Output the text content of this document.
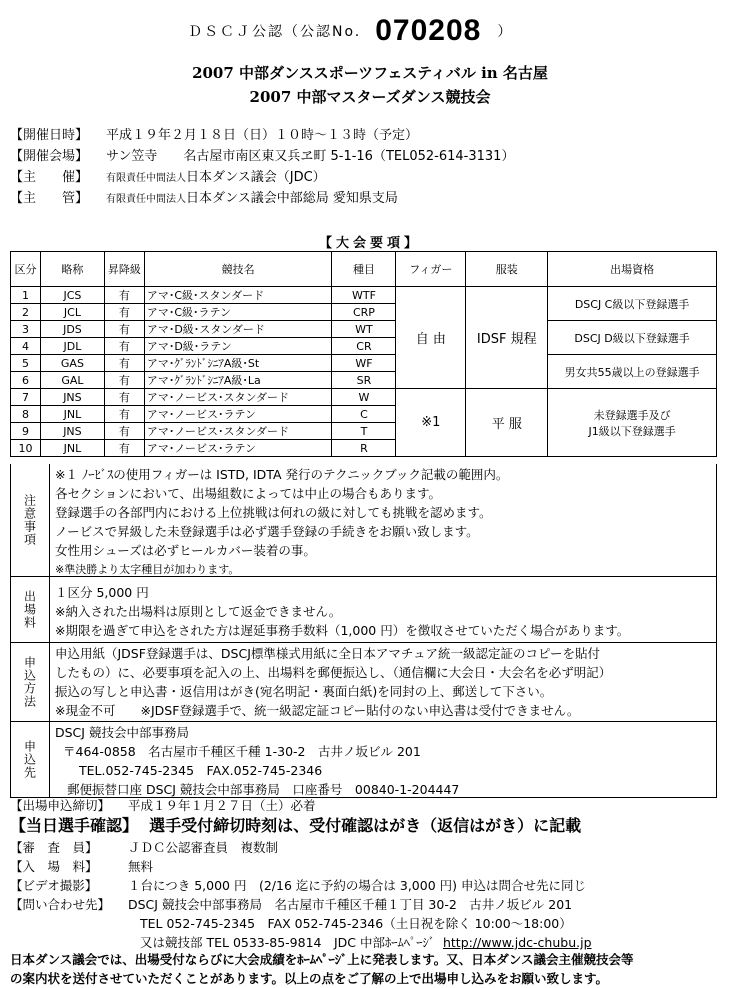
ＤＳＣＪ公認（公認No. 070208 ）
2007 中部ダンススポーツフェスティバル in 名古屋
2007 中部マスターズダンス競技会
【開催日時】 平成１９年２月１８日（日）１０時～１３時（予定）
【開催会場】 サン笠寺　　名古屋市南区東又兵ヱ町 5-1-16（TEL052-614-3131）
【主　　催】 有限責任中間法人日本ダンス議会（JDC）
【主　　管】 有限責任中間法人日本ダンス議会中部総局 愛知県支局
【大会要項】
区分	略称	昇降級	競技名	種目	フィガー	服装	出場資格
1	JCS	有	アマ･C級･スタンダード	WTF	自 由	IDSF 規程	DSCJ C級以下登録選手
2	JCL	有	アマ･C級･ラテン	CRP			
3	JDS	有	アマ･D級･スタンダード	WT			DSCJ D級以下登録選手
4	JDL	有	アマ･D級･ラテン	CR			
5	GAS	有	アマ･ｸﾞﾗﾝﾄﾞｼﾆｱA級･St	WF			男女共55歳以上の登録選手
6	GAL	有	アマ･ｸﾞﾗﾝﾄﾞｼﾆｱA級･La	SR			
7	JNS	有	アマ･ノービス･スタンダード	W	※1	平 服	未登録選手及び
J1級以下登録選手

8	JNL	有	アマ･ノービス･ラテン	C			
9	JNS	有	アマ･ノービス･スタンダード	T			
10	JNL	有	アマ･ノービス･ラテン	R			
注意事項
※１ ﾉｰﾋﾞｽの使用フィガーは ISTD, IDTA 発行のテクニックブック記載の範囲内。
各セクションにおいて、出場組数によっては中止の場合もあります。
登録選手の各部門内における上位挑戦は何れの級に対しても挑戦を認めます。
ノービスで昇級した未登録選手は必ず選手登録の手続きをお願い致します。
女性用シューズは必ずヒールカバー装着の事。
※準決勝より太字種目が加わります。
出場料	１区分 5,000 円
※納入された出場料は原則として返金できません。
※期限を過ぎて申込をされた方は遅延事務手数料（1,000 円）を徴収させていただく場合があります。
申込方法
申込用紙（JDSF登録選手は、DSCJ標準様式用紙に全日本アマチュア統一級認定証のコピーを貼付
したもの）に、必要事項を記入の上、出場料を郵便振込し、（通信欄に大会日・大会名を必ず明記）
振込の写しと申込書・返信用はがき(宛名明記・裏面白紙)を同封の上、郵送して下さい。
※現金不可　　※JDSF登録選手で、統一級認定証コピー貼付のない申込書は受付できません。
申込先
DSCJ 競技会中部事務局
〒464-0858　名古屋市千種区千種 1-30-2　古井ノ坂ビル 201
TEL.052-745-2345　FAX.052-745-2346
郵便振替口座 DSCJ 競技会中部事務局　口座番号　00840-1-204447
【出場申込締切】 平成１９年１月２７日（土）必着
【当日選手確認】 選手受付締切時刻は、受付確認はがき（返信はがき）に記載
【審　査　員】 ＪＤＣ公認審査員　複数制
【入　場　料】 無料
【ビデオ撮影】 １台につき 5,000 円　(2/16 迄に予約の場合は 3,000 円) 申込は問合せ先に同じ
【問い合わせ先】 DSCJ 競技会中部事務局　名古屋市千種区千種１丁目 30-2　古井ノ坂ビル 201
TEL 052-745-2345　FAX 052-745-2346（土日祝を除く 10:00～18:00）
又は競技部 TEL 0533-85-9814　JDC 中部ﾎｰﾑﾍﾟｰｼﾞ http://www.jdc-chubu.jp
日本ダンス議会では、出場受付ならびに大会成績をﾎｰﾑﾍﾟｰｼﾞ上に発表します。又、日本ダンス議会主催競技会等
の案内状を送付させていただくことがあります。以上の点をご了解の上で出場申し込みをお願い致します。
